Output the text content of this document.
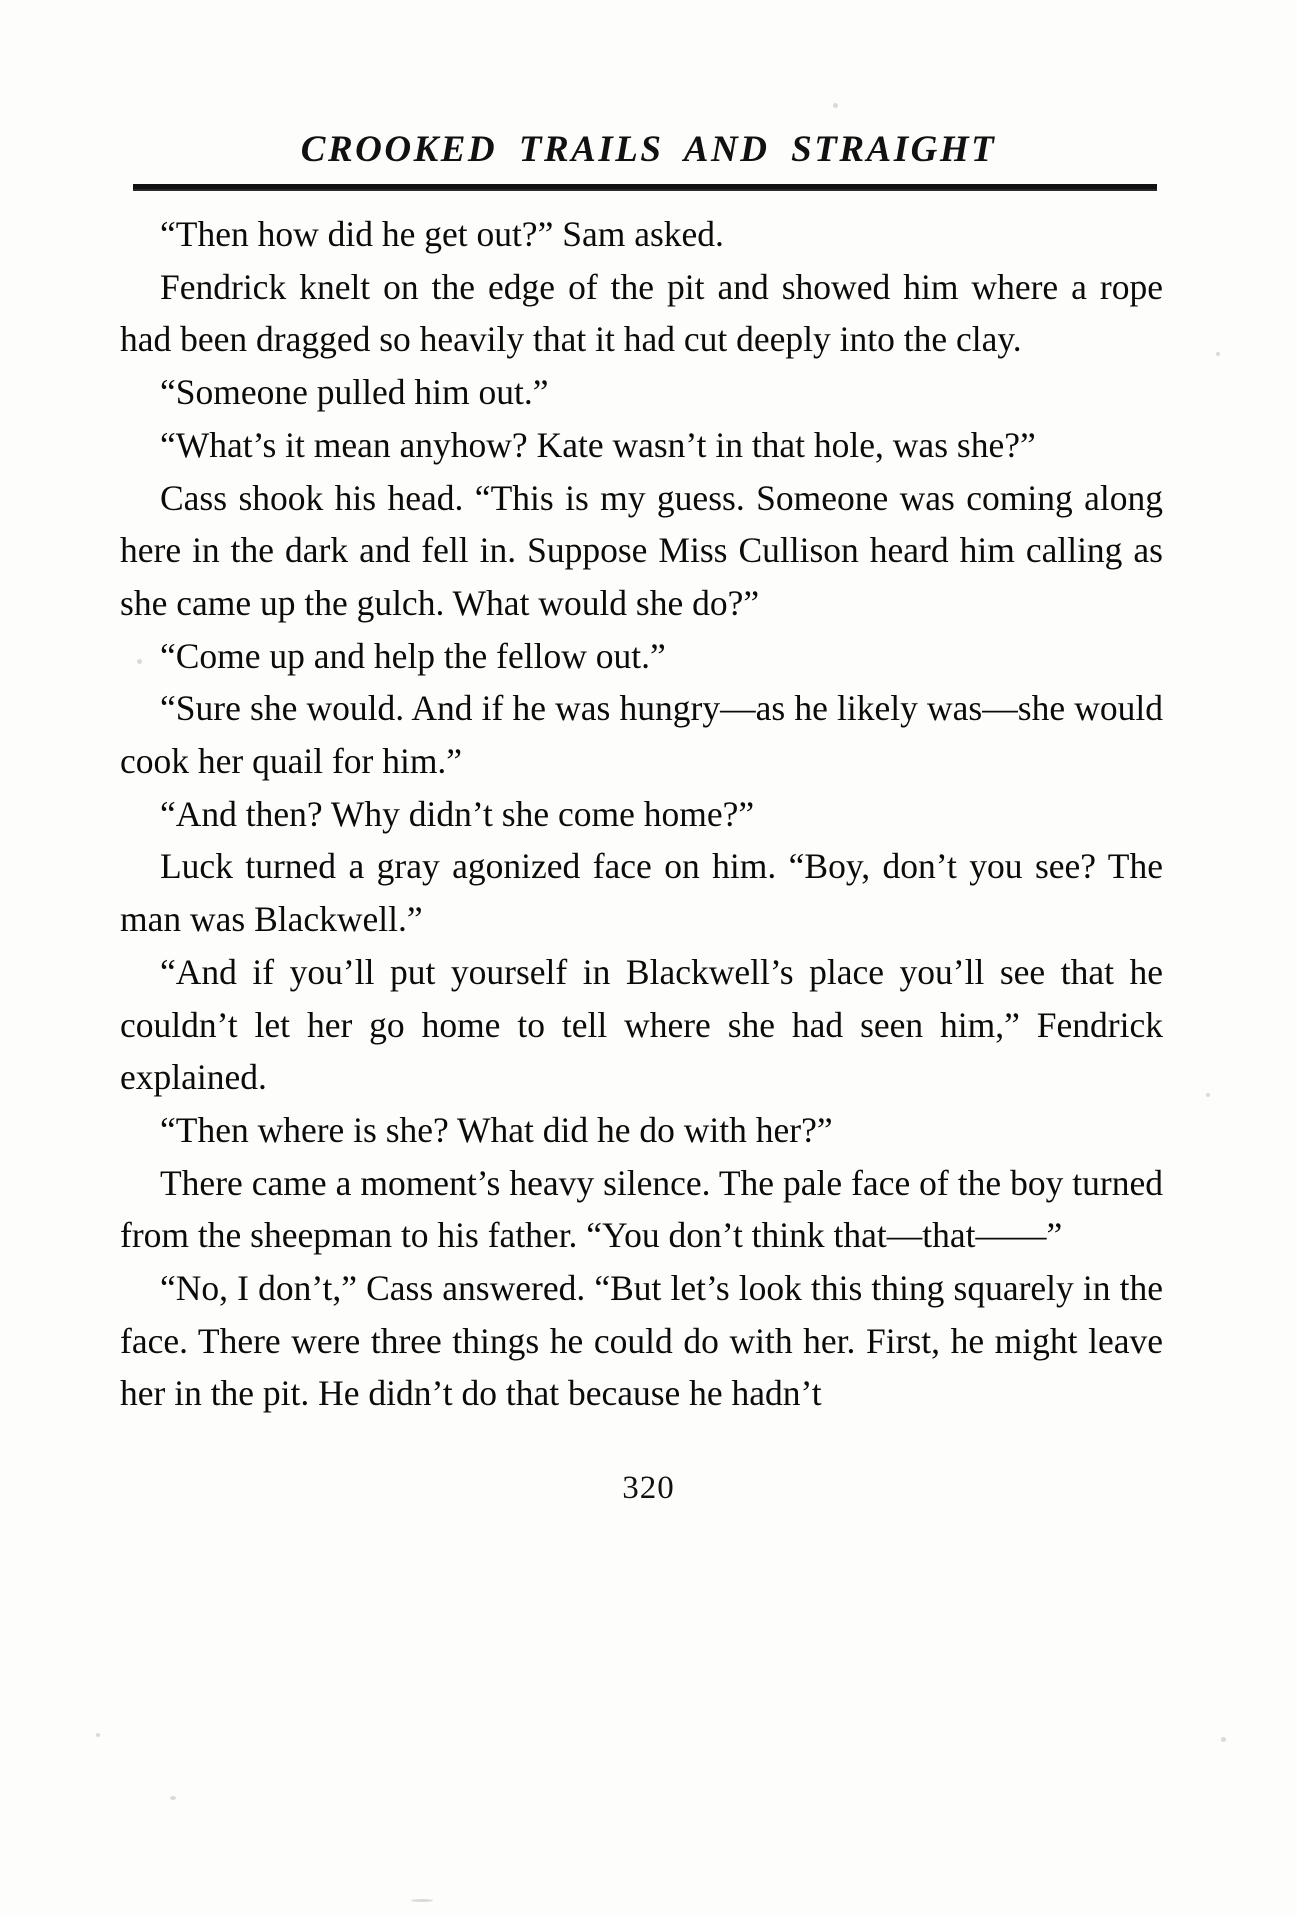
CROOKED TRAILS AND STRAIGHT

“Then how did he get out?” Sam asked.

Fendrick knelt on the edge of the pit and showed him where a rope had been dragged so heavily that it had cut deeply into the clay.

“Someone pulled him out.”

“What’s it mean anyhow? Kate wasn’t in that hole, was she?”

Cass shook his head. “This is my guess. Someone was coming along here in the dark and fell in. Suppose Miss Cullison heard him calling as she came up the gulch. What would she do?”

“Come up and help the fellow out.”

“Sure she would. And if he was hungry—as he likely was—she would cook her quail for him.”

“And then? Why didn’t she come home?”

Luck turned a gray agonized face on him. “Boy, don’t you see? The man was Blackwell.”

“And if you’ll put yourself in Blackwell’s place you’ll see that he couldn’t let her go home to tell where she had seen him,” Fendrick explained.

“Then where is she? What did he do with her?”

There came a moment’s heavy silence. The pale face of the boy turned from the sheepman to his father. “You don’t think that—that——”

“No, I don’t,” Cass answered. “But let’s look this thing squarely in the face. There were three things he could do with her. First, he might leave her in the pit. He didn’t do that because he hadn’t

320
